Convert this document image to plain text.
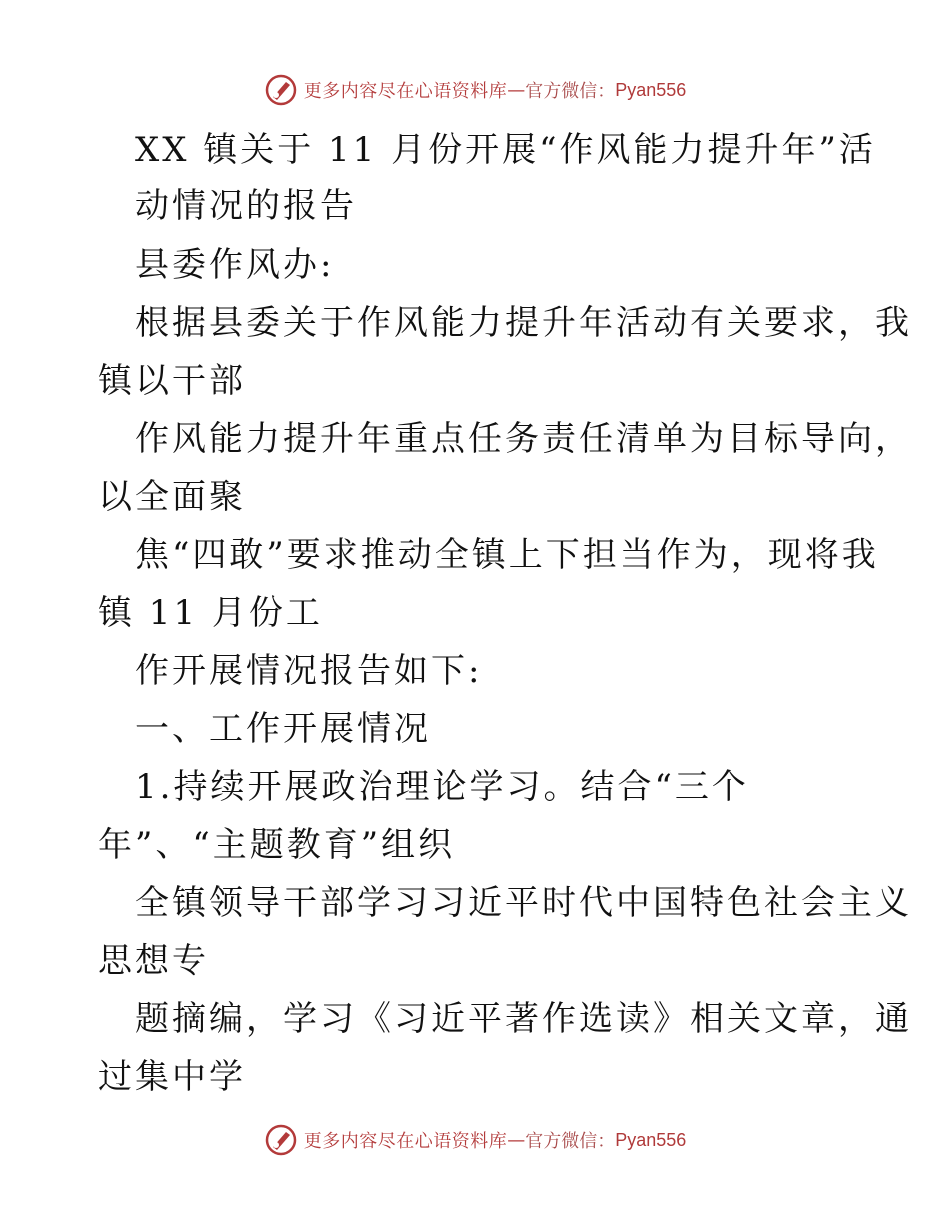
更多内容尽在心语资料库 — 官方微信： Pyan556
XX 镇关于 11 月份开展“作风能力提升年”活
动情况的报告
县委作风办:
根据县委关于作风能力提升年活动有关要求，我
镇以干部
作风能力提升年重点任务责任清单为目标导向，
以全面聚
焦“四敢”要求推动全镇上下担当作为，现将我
镇 11 月份工
作开展情况报告如下:
一、工作开展情况
1.持续开展政治理论学习。结合“三个
年”、“主题教育”组织
全镇领导干部学习习近平时代中国特色社会主义
思想专
题摘编，学习《习近平著作选读》相关文章，通
过集中学
更多内容尽在心语资料库 — 官方微信： Pyan556
